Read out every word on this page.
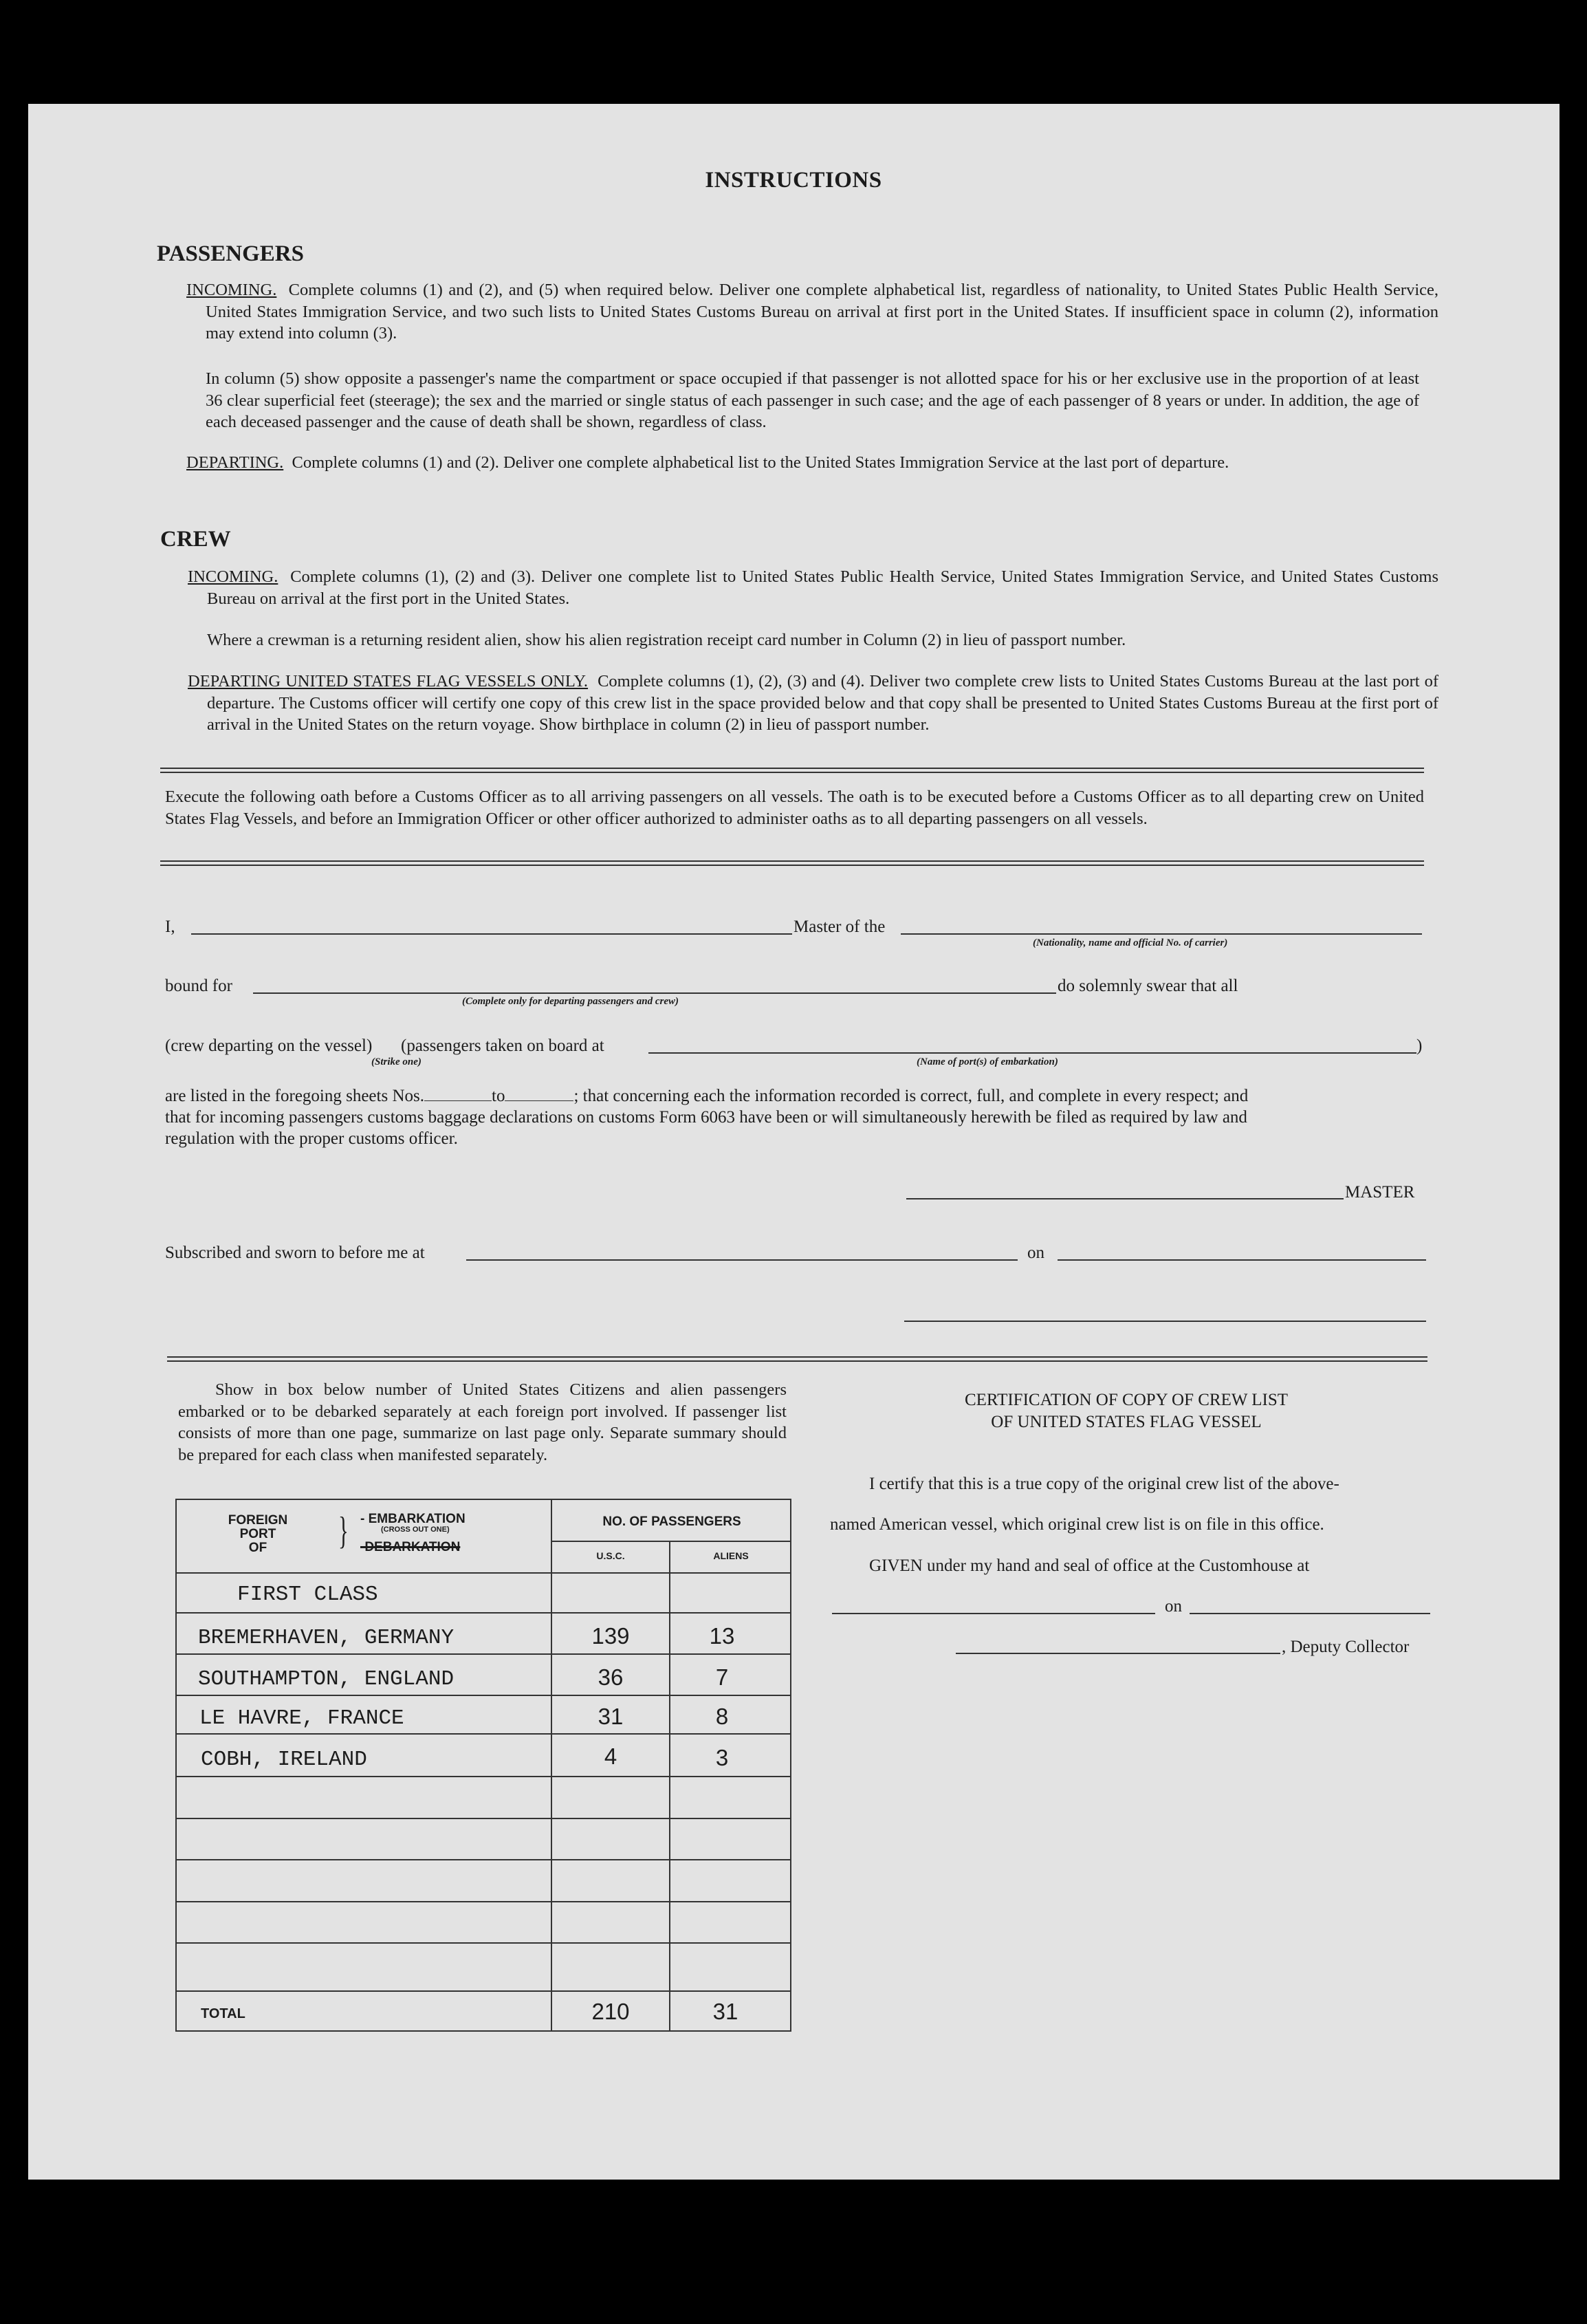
INSTRUCTIONS
PASSENGERS
INCOMING. Complete columns (1) and (2), and (5) when required below. Deliver one complete alphabetical list, regardless of nationality, to United States Public Health Service, United States Immigration Service, and two such lists to United States Customs Bureau on arrival at first port in the United States. If insufficient space in column (2), information may extend into column (3).
In column (5) show opposite a passenger's name the compartment or space occupied if that passenger is not allotted space for his or her exclusive use in the proportion of at least 36 clear superficial feet (steerage); the sex and the married or single status of each passenger in such case; and the age of each passenger of 8 years or under. In addition, the age of each deceased passenger and the cause of death shall be shown, regardless of class.
DEPARTING. Complete columns (1) and (2). Deliver one complete alphabetical list to the United States Immigration Service at the last port of departure.
CREW
INCOMING. Complete columns (1), (2) and (3). Deliver one complete list to United States Public Health Service, United States Immigration Service, and United States Customs Bureau on arrival at the first port in the United States.
Where a crewman is a returning resident alien, show his alien registration receipt card number in Column (2) in lieu of passport number.
DEPARTING UNITED STATES FLAG VESSELS ONLY. Complete columns (1), (2), (3) and (4). Deliver two complete crew lists to United States Customs Bureau at the last port of departure. The Customs officer will certify one copy of this crew list in the space provided below and that copy shall be presented to United States Customs Bureau at the first port of arrival in the United States on the return voyage. Show birthplace in column (2) in lieu of passport number.
Execute the following oath before a Customs Officer as to all arriving passengers on all vessels. The oath is to be executed before a Customs Officer as to all departing crew on United States Flag Vessels, and before an Immigration Officer or other officer authorized to administer oaths as to all departing passengers on all vessels.
I,	Master of the
(Nationality, name and official No. of carrier)
bound for
(Complete only for departing passengers and crew)
do solemnly swear that all
(crew departing on the vessel)
(Strike one)
(passengers taken on board at
(Name of port(s) of embarkation)
)
are listed in the foregoing sheets Nos.	to	; that concerning each the information recorded is correct, full, and complete in every respect; and
that for incoming passengers customs baggage declarations on customs Form 6063 have been or will simultaneously herewith be filed as required by law and
regulation with the proper customs officer.
MASTER
Subscribed and sworn to before me at	on
Show in box below number of United States Citizens and alien passengers embarked or to be debarked separately at each foreign port involved. If passenger list consists of more than one page, summarize on last page only. Separate summary should be prepared for each class when manifested separately.
FOREIGN
PORT
OF	} - EMBARKATION
(CROSS OUT ONE)
-DEBARKATION
NO. OF PASSENGERS
U.S.C.	ALIENS
FIRST CLASS
BREMERHAVEN, GERMANY	139	13
SOUTHAMPTON, ENGLAND	36	7
LE HAVRE, FRANCE	31	8
COBH, IRELAND	4	3
TOTAL	210	31
CERTIFICATION OF COPY OF CREW LIST
OF UNITED STATES FLAG VESSEL
I certify that this is a true copy of the original crew list of the above-
named American vessel, which original crew list is on file in this office.
GIVEN under my hand and seal of office at the Customhouse at
on
, Deputy Collector
